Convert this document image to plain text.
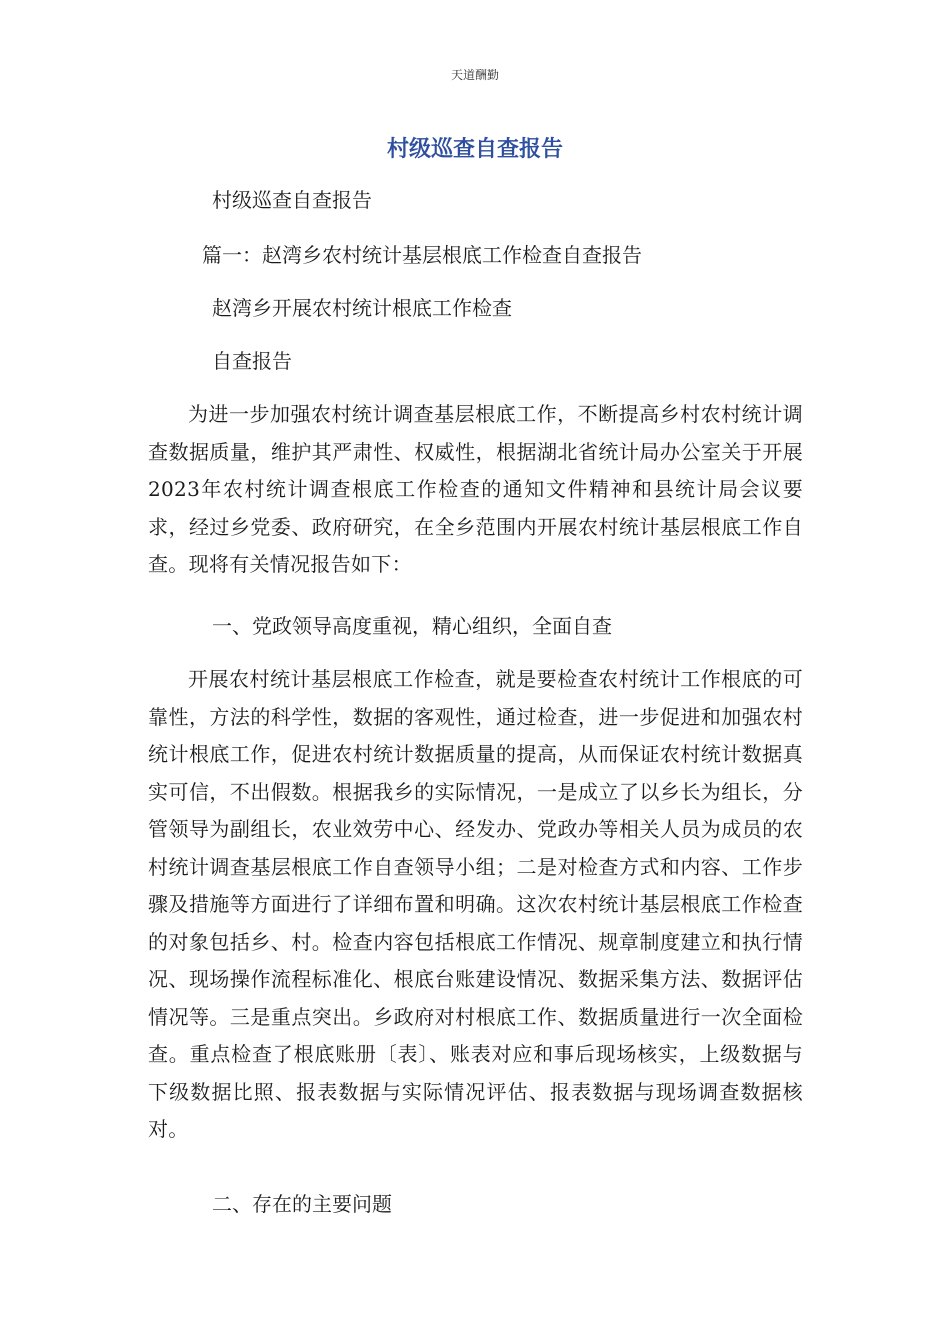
天道酬勤
村级巡查自查报告
村级巡查自查报告
篇一：赵湾乡农村统计基层根底工作检查自查报告
赵湾乡开展农村统计根底工作检查
自查报告
为进一步加强农村统计调查基层根底工作，不断提高乡村农村统计调查数据质量，维护其严肃性、权威性，根据湖北省统计局办公室关于开展2023年农村统计调查根底工作检查的通知文件精神和县统计局会议要求，经过乡党委、政府研究，在全乡范围内开展农村统计基层根底工作自查。现将有关情况报告如下：
一、党政领导高度重视，精心组织，全面自查
开展农村统计基层根底工作检查，就是要检查农村统计工作根底的可靠性，方法的科学性，数据的客观性，通过检查，进一步促进和加强农村统计根底工作，促进农村统计数据质量的提高，从而保证农村统计数据真实可信，不出假数。根据我乡的实际情况，一是成立了以乡长为组长，分管领导为副组长，农业效劳中心、经发办、党政办等相关人员为成员的农村统计调查基层根底工作自查领导小组；二是对检查方式和内容、工作步骤及措施等方面进行了详细布置和明确。这次农村统计基层根底工作检查的对象包括乡、村。检查内容包括根底工作情况、规章制度建立和执行情况、现场操作流程标准化、根底台账建设情况、数据采集方法、数据评估情况等。三是重点突出。乡政府对村根底工作、数据质量进行一次全面检查。重点检查了根底账册〔表〕、账表对应和事后现场核实，上级数据与下级数据比照、报表数据与实际情况评估、报表数据与现场调查数据核对。
二、存在的主要问题
